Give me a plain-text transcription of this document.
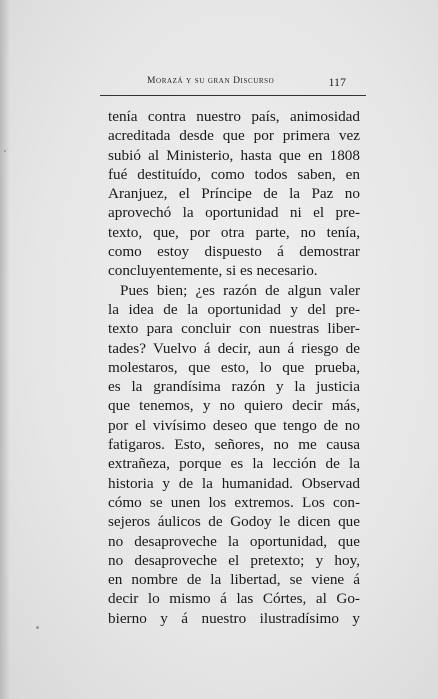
Morazá y su gran Discurso	117
tenía contra nuestro país, animosidad
acreditada desde que por primera vez
subió al Ministerio, hasta que en 1808
fué destituído, como todos saben, en
Aranjuez, el Príncipe de la Paz no
aprovechó la oportunidad ni el pre-
texto, que, por otra parte, no tenía,
como estoy dispuesto á demostrar
concluyentemente, si es necesario.
Pues bien; ¿es razón de algun valer
la idea de la oportunidad y del pre-
texto para concluir con nuestras liber-
tades? Vuelvo á decir, aun á riesgo de
molestaros, que esto, lo que prueba,
es la grandísima razón y la justicia
que tenemos, y no quiero decir más,
por el vivísimo deseo que tengo de no
fatigaros. Esto, señores, no me causa
extrañeza, porque es la lección de la
historia y de la humanidad. Observad
cómo se unen los extremos. Los con-
sejeros áulicos de Godoy le dicen que
no desaproveche la oportunidad, que
no desaproveche el pretexto; y hoy,
en nombre de la libertad, se viene á
decir lo mismo á las Córtes, al Go-
bierno y á nuestro ilustradísimo y
